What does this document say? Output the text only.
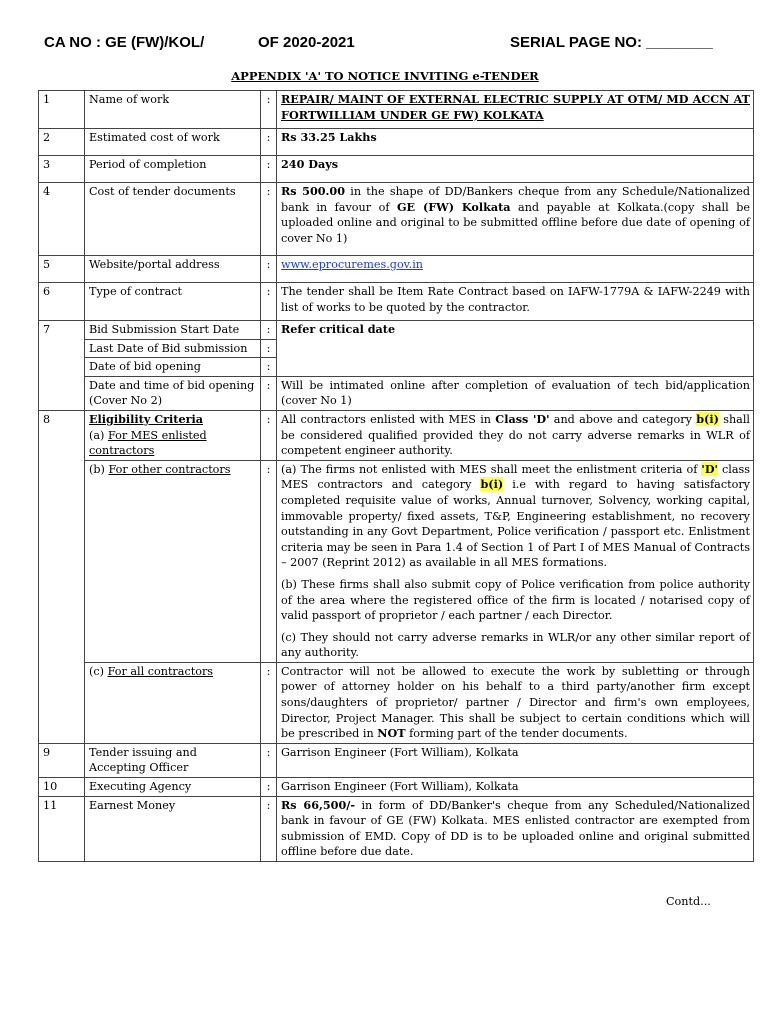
CA NO : GE (FW)/KOL/	OF 2020-2021	SERIAL PAGE NO: ________
APPENDIX 'A' TO NOTICE INVITING e-TENDER
1	Name of work	:	REPAIR/ MAINT OF EXTERNAL ELECTRIC SUPPLY AT OTM/ MD ACCN AT FORTWILLIAM UNDER GE FW) KOLKATA
2	Estimated cost of work	:	Rs 33.25 Lakhs
3	Period of completion	:	240 Days
4	Cost of tender documents	:	Rs 500.00 in the shape of DD/Bankers cheque from any Schedule/Nationalized bank in favour of GE (FW) Kolkata and payable at Kolkata.(copy shall be uploaded online and original to be submitted offline before due date of opening of cover No 1)
5	Website/portal address	:	www.eprocuremes.gov.in
6	Type of contract	:	The tender shall be Item Rate Contract based on IAFW-1779A & IAFW-2249 with list of works to be quoted by the contractor.
7	Bid Submission Start Date	:	Refer critical date
	Last Date of Bid submission	:	
	Date of bid opening	:	
	Date and time of bid opening (Cover No 2)	:	Will be intimated online after completion of evaluation of tech bid/application (cover No 1)
8	Eligibility Criteria
(a) For MES enlisted contractors	:	All contractors enlisted with MES in Class 'D' and above and category b(i) shall be considered qualified provided they do not carry adverse remarks in WLR of competent engineer authority.
	(b) For other contractors	:	(a) The firms not enlisted with MES shall meet the enlistment criteria of 'D' class MES contractors and category b(i) i.e with regard to having satisfactory completed requisite value of works, Annual turnover, Solvency, working capital, immovable property/ fixed assets, T&P, Engineering establishment, no recovery outstanding in any Govt Department, Police verification / passport etc. Enlistment criteria may be seen in Para 1.4 of Section 1 of Part I of MES Manual of Contracts – 2007 (Reprint 2012) as available in all MES formations.
(b) These firms shall also submit copy of Police verification from police authority of the area where the registered office of the firm is located / notarised copy of valid passport of proprietor / each partner / each Director.
(c) They should not carry adverse remarks in WLR/or any other similar report of any authority.

	(c) For all contractors	:	Contractor will not be allowed to execute the work by subletting or through power of attorney holder on his behalf to a third party/another firm except sons/daughters of proprietor/ partner / Director and firm's own employees, Director, Project Manager. This shall be subject to certain conditions which will be prescribed in NOT forming part of the tender documents.
9	Tender issuing and Accepting Officer	:	Garrison Engineer (Fort William), Kolkata
10	Executing Agency	:	Garrison Engineer (Fort William), Kolkata
11	Earnest Money	:	Rs 66,500/- in form of DD/Banker's cheque from any Scheduled/Nationalized bank in favour of GE (FW) Kolkata. MES enlisted contractor are exempted from submission of EMD. Copy of DD is to be uploaded online and original submitted offline before due date.
Contd...
